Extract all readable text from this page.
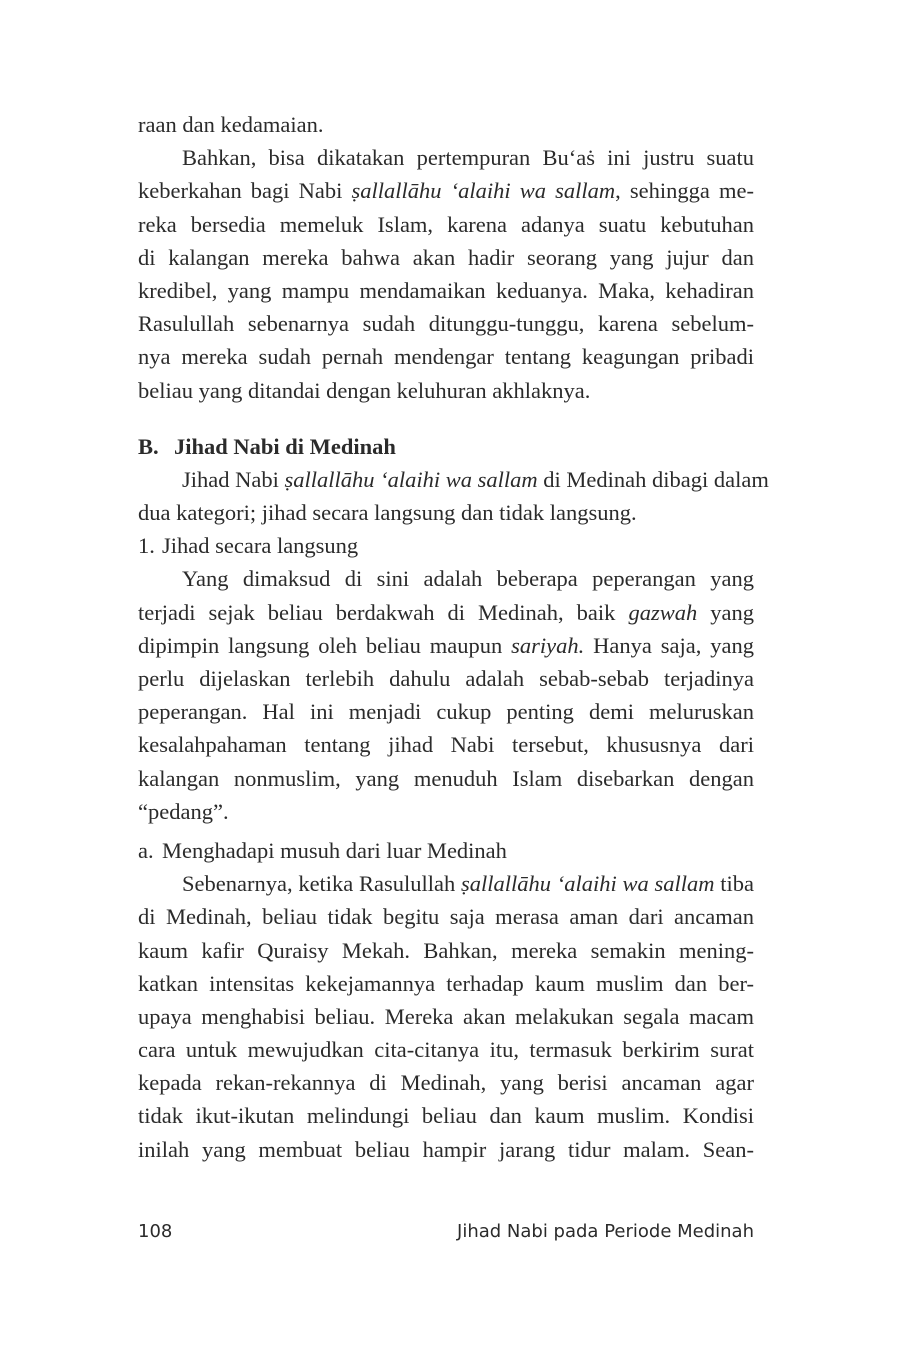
raan dan kedamaian.
Bahkan, bisa dikatakan pertempuran Bu‘aṡ ini justru suatu
keberkahan bagi Nabi ṣallallāhu ‘alaihi wa sallam, sehingga me-
reka bersedia memeluk Islam, karena adanya suatu kebutuhan
di kalangan mereka bahwa akan hadir seorang yang jujur dan
kredibel, yang mampu mendamaikan keduanya. Maka, kehadiran
Rasulullah sebenarnya sudah ditunggu-tunggu, karena sebelum-
nya mereka sudah pernah mendengar tentang keagungan pribadi
beliau yang ditandai dengan keluhuran akhlaknya.
B. Jihad Nabi di Medinah
Jihad Nabi ṣallallāhu ‘alaihi wa sallam di Medinah dibagi dalam
dua kategori; jihad secara langsung dan tidak langsung.
1. Jihad secara langsung
Yang dimaksud di sini adalah beberapa peperangan yang
terjadi sejak beliau berdakwah di Medinah, baik gazwah yang
dipimpin langsung oleh beliau maupun sariyah. Hanya saja, yang
perlu dijelaskan terlebih dahulu adalah sebab-sebab terjadinya
peperangan. Hal ini menjadi cukup penting demi meluruskan
kesalahpahaman tentang jihad Nabi tersebut, khususnya dari
kalangan nonmuslim, yang menuduh Islam disebarkan dengan
“pedang”.
a. Menghadapi musuh dari luar Medinah
Sebenarnya, ketika Rasulullah ṣallallāhu ‘alaihi wa sallam tiba
di Medinah, beliau tidak begitu saja merasa aman dari ancaman
kaum kafir Quraisy Mekah. Bahkan, mereka semakin mening-
katkan intensitas kekejamannya terhadap kaum muslim dan ber-
upaya menghabisi beliau. Mereka akan melakukan segala macam
cara untuk mewujudkan cita-citanya itu, termasuk berkirim surat
kepada rekan-rekannya di Medinah, yang berisi ancaman agar
tidak ikut-ikutan melindungi beliau dan kaum muslim. Kondisi
inilah yang membuat beliau hampir jarang tidur malam. Sean-
108	Jihad Nabi pada Periode Medinah
